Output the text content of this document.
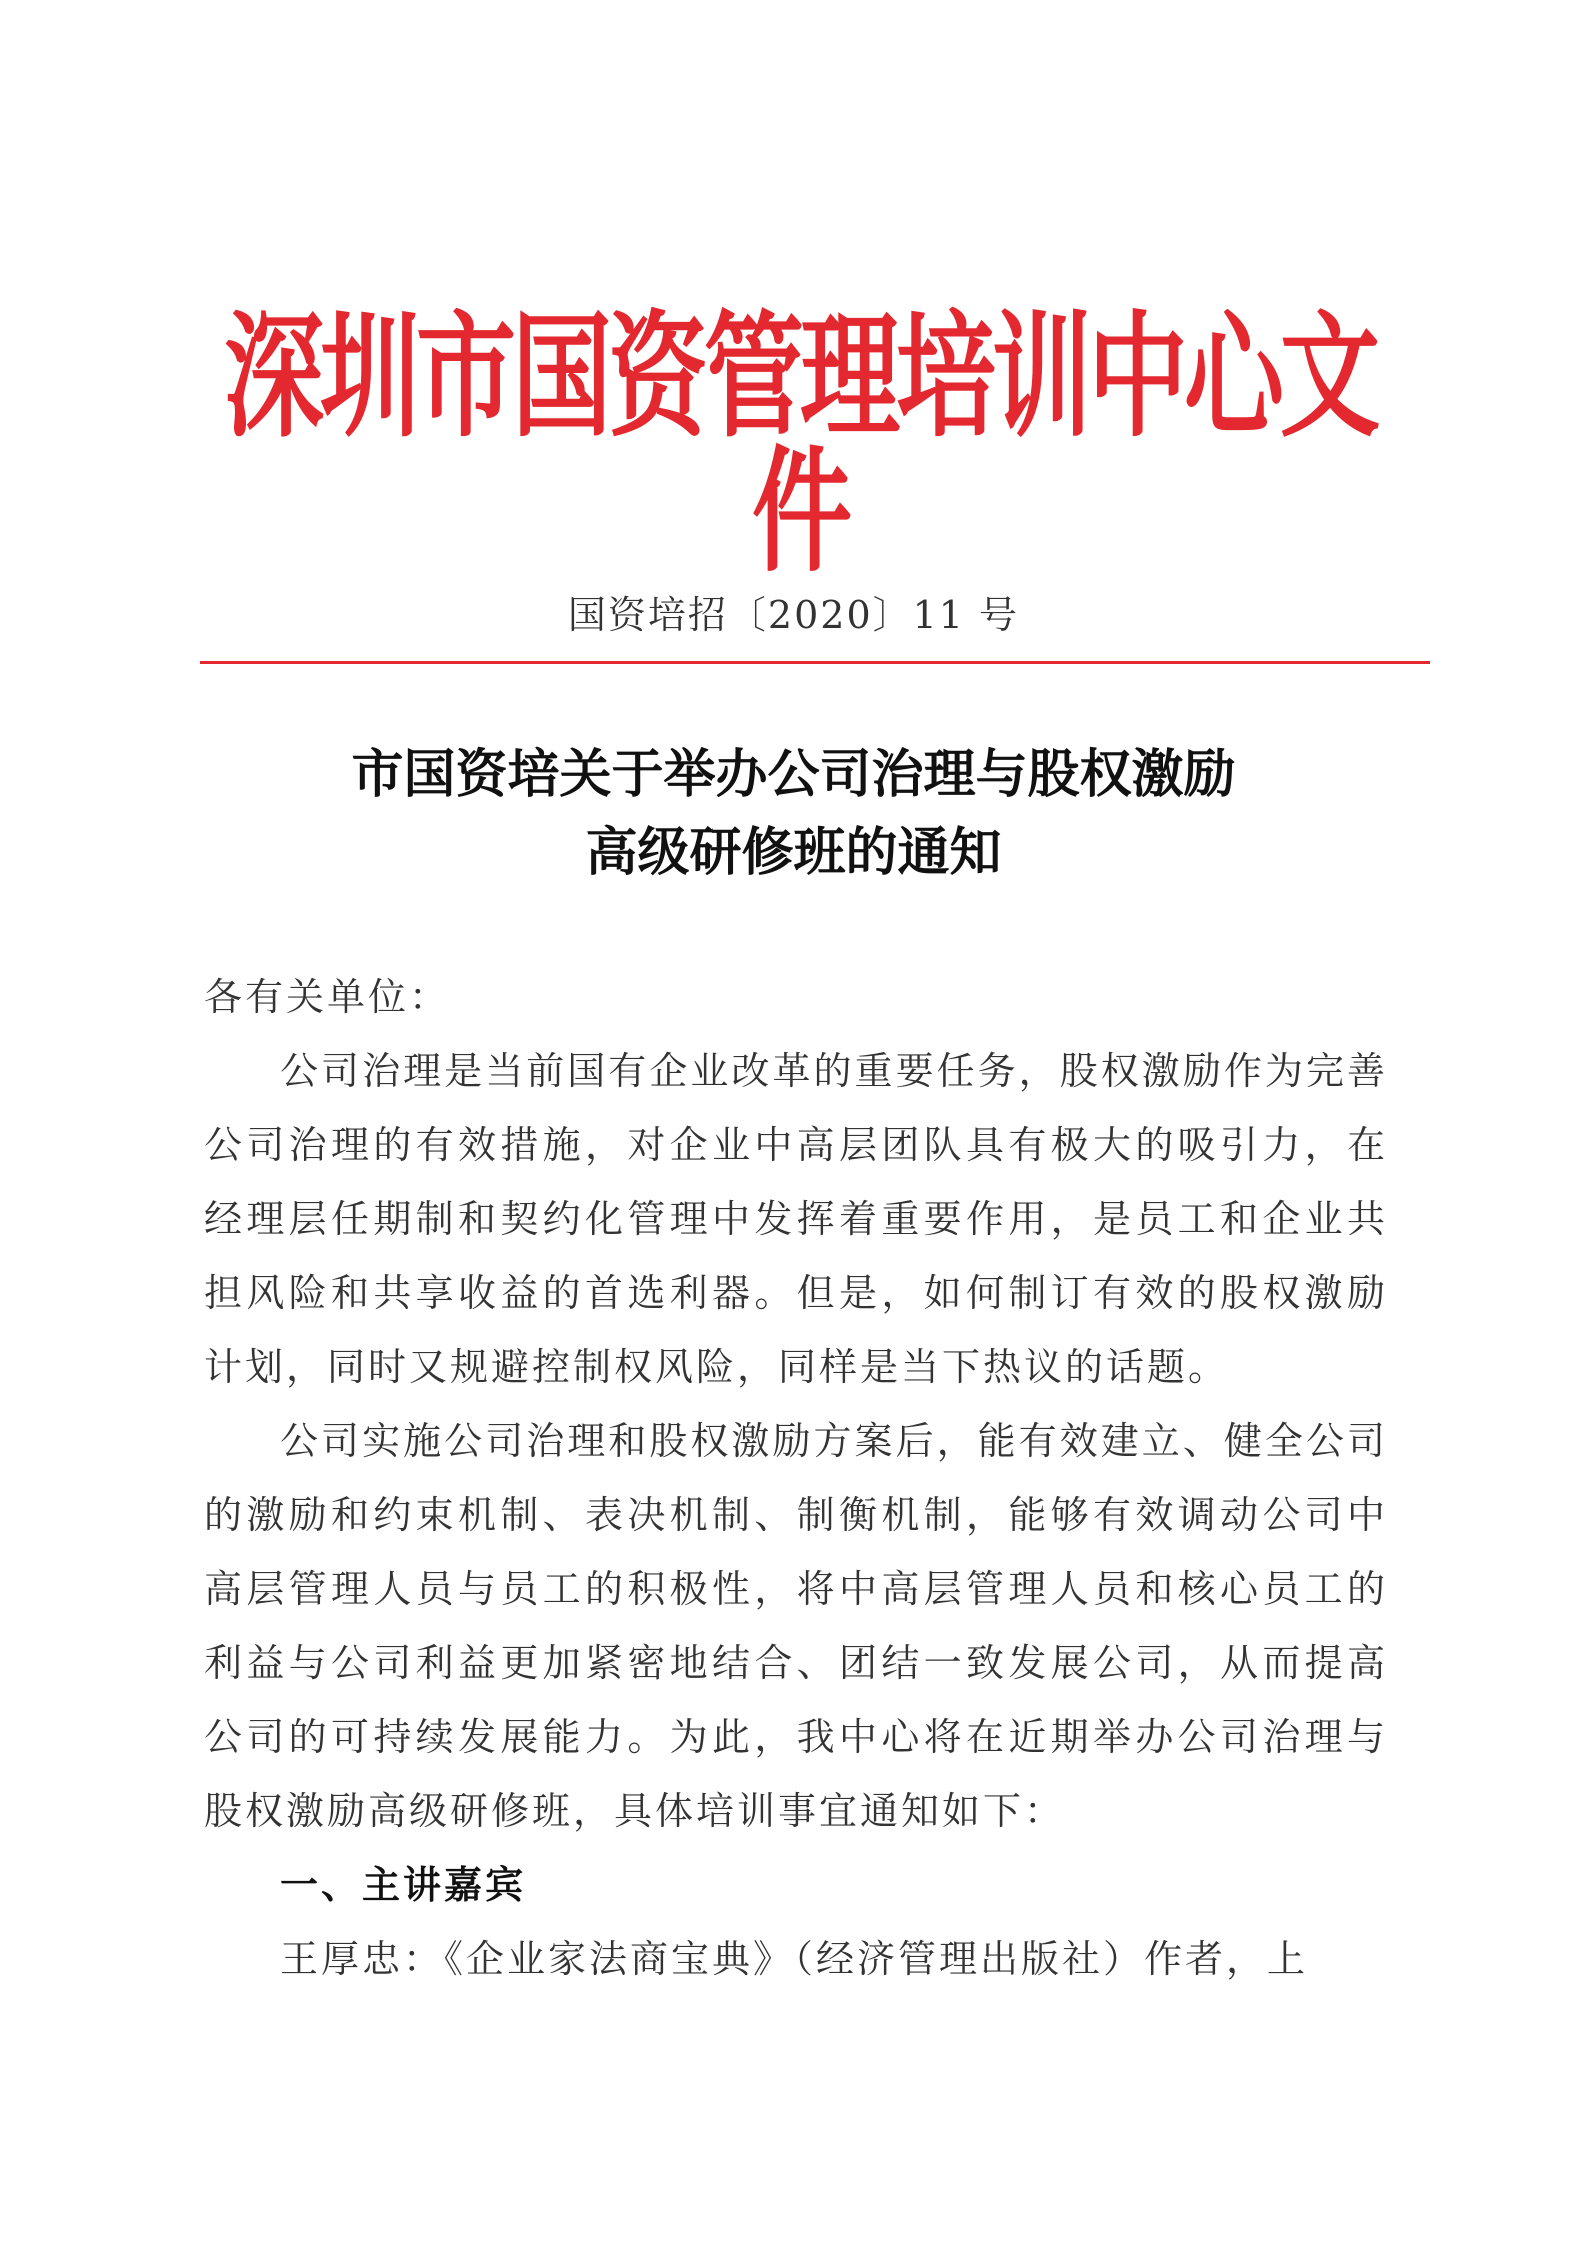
深圳市国资管理培训中心文件
国资培招〔2020〕11 号
市国资培关于举办公司治理与股权激励
高级研修班的通知

各有关单位：

公司治理是当前国有企业改革的重要任务，股权激励作为完善公司治理的有效措施，对企业中高层团队具有极大的吸引力，在经理层任期制和契约化管理中发挥着重要作用，是员工和企业共担风险和共享收益的首选利器。但是，如何制订有效的股权激励计划，同时又规避控制权风险，同样是当下热议的话题。

公司实施公司治理和股权激励方案后，能有效建立、健全公司的激励和约束机制、表决机制、制衡机制，能够有效调动公司中高层管理人员与员工的积极性，将中高层管理人员和核心员工的利益与公司利益更加紧密地结合、团结一致发展公司，从而提高公司的可持续发展能力。为此，我中心将在近期举办公司治理与股权激励高级研修班，具体培训事宜通知如下：

一、主讲嘉宾

王厚忠：《企业家法商宝典》（经济管理出版社）作者，上
